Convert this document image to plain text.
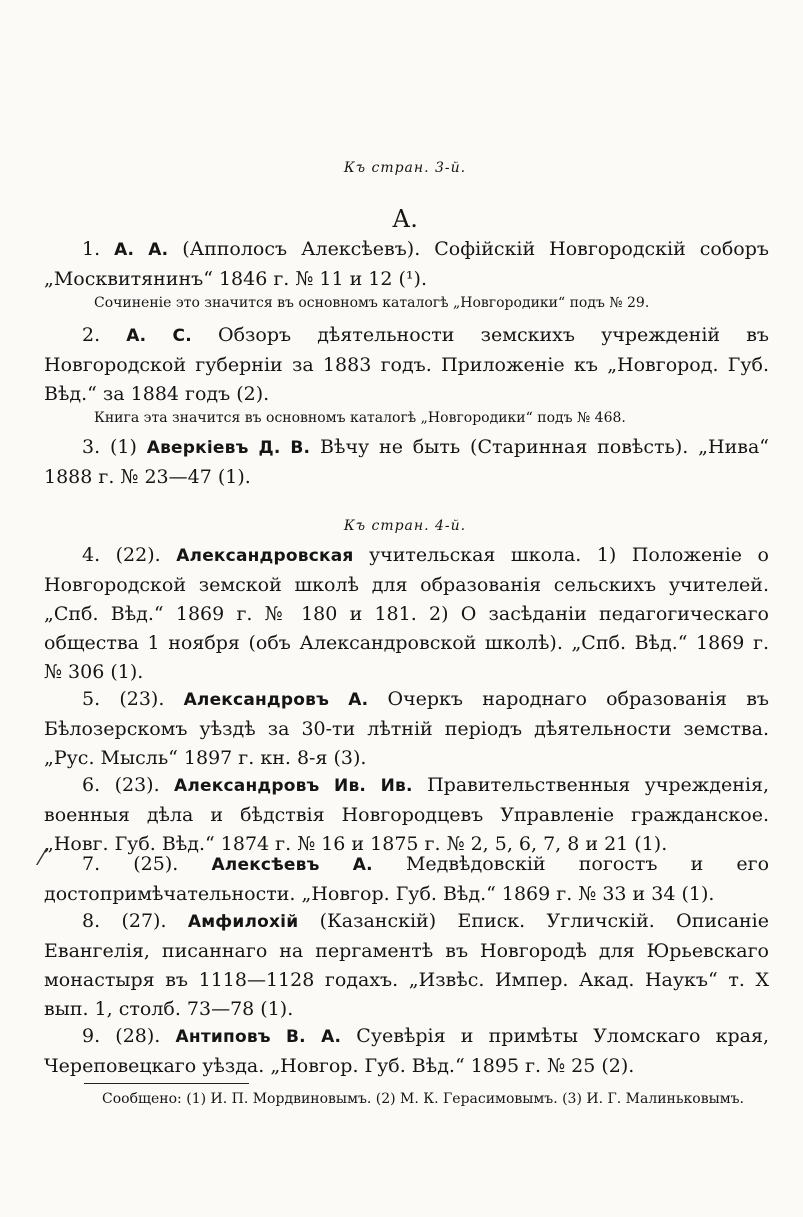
Къ стран. 3-й.
А.

1. А. А. (Апполосъ Алексѣевъ). Софійскій Новгородскій соборъ „Москвитянинъ“ 1846 г. № 11 и 12 (¹).

Сочиненіе это значится въ основномъ каталогѣ „Новгородики“ подъ № 29.

2. А. С. Обзоръ дѣятельности земскихъ учрежденій въ Новгородской губерніи за 1883 годъ. Приложеніе къ „Новгород. Губ. Вѣд.“ за 1884 годъ (2).

Книга эта значится въ основномъ каталогѣ „Новгородики“ подъ № 468.

3. (1) Аверкіевъ Д. В. Вѣчу не быть (Старинная повѣсть). „Нива“ 1888 г. № 23—47 (1).

Къ стран. 4-й.

4. (22). Александровская учительская школа. 1) Положеніе о Новгородской земской школѣ для образованія сельскихъ учителей. „Спб. Вѣд.“ 1869 г. № 180 и 181. 2) О засѣданіи педагогическаго общества 1 ноября (объ Александровской школѣ). „Спб. Вѣд.“ 1869 г. № 306 (1).

5. (23). Александровъ А. Очеркъ народнаго образованія въ Бѣлозерскомъ уѣздѣ за 30-ти лѣтній періодъ дѣятельности земства. „Рус. Мысль“ 1897 г. кн. 8-я (3).

6. (23). Александровъ Ив. Ив. Правительственныя учрежденія, военныя дѣла и бѣдствія Новгородцевъ Управленіе гражданское. „Новг. Губ. Вѣд.“ 1874 г. № 16 и 1875 г. № 2, 5, 6, 7, 8 и 21 (1).

⁄	7. (25). Алексѣевъ А. Медвѣдовскій погостъ и его достопримѣчательности. „Новгор. Губ. Вѣд.“ 1869 г. № 33 и 34 (1).

8. (27). Амфилохій (Казанскій) Еписк. Угличскій. Описаніе Евангелія, писаннаго на пергаментѣ въ Новгородѣ для Юрьевскаго монастыря въ 1118—1128 годахъ. „Извѣс. Импер. Акад. Наукъ“ т. X вып. 1, столб. 73—78 (1).

9. (28). Антиповъ В. А. Суевѣрія и примѣты Уломскаго края, Череповецкаго уѣзда. „Новгор. Губ. Вѣд.“ 1895 г. № 25 (2).

Сообщено: (1) И. П. Мордвиновымъ. (2) М. К. Герасимовымъ. (3) И. Г. Малиньковымъ.
